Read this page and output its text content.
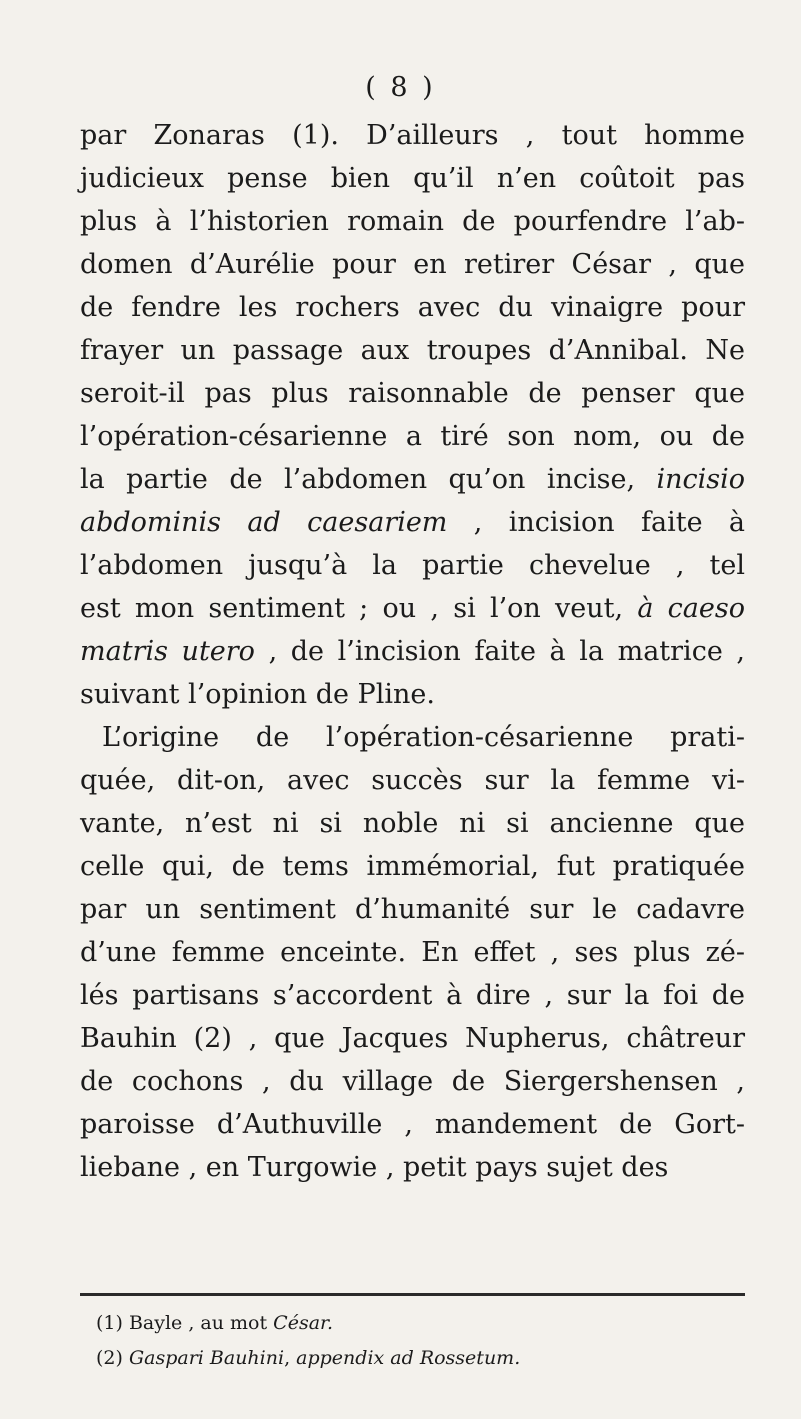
( 8 )
par Zonaras (1). D’ailleurs , tout homme
judicieux pense bien qu’il n’en coûtoit pas
plus à l’historien romain de pourfendre l’ab-
domen d’Aurélie pour en retirer César , que
de fendre les rochers avec du vinaigre pour
frayer un passage aux troupes d’Annibal. Ne
seroit-il pas plus raisonnable de penser que
l’opération-césarienne a tiré son nom, ou de
la partie de l’abdomen qu’on incise, incisio
abdominis ad caesariem , incision faite à
l’abdomen jusqu’à la partie chevelue , tel
est mon sentiment ; ou , si l’on veut, à caeso
matris utero , de l’incision faite à la matrice ,
suivant l’opinion de Pline.
L’origine de l’opération-césarienne prati-
quée, dit-on, avec succès sur la femme vi-
vante, n’est ni si noble ni si ancienne que
celle qui, de tems immémorial, fut pratiquée
par un sentiment d’humanité sur le cadavre
d’une femme enceinte. En effet , ses plus zé-
lés partisans s’accordent à dire , sur la foi de
Bauhin (2) , que Jacques Nupherus, châtreur
de cochons , du village de Siergershensen ,
paroisse d’Authuville , mandement de Gort-
liebane , en Turgowie , petit pays sujet des
(1) Bayle , au mot César.
(2) Gaspari Bauhini, appendix ad Rossetum.
